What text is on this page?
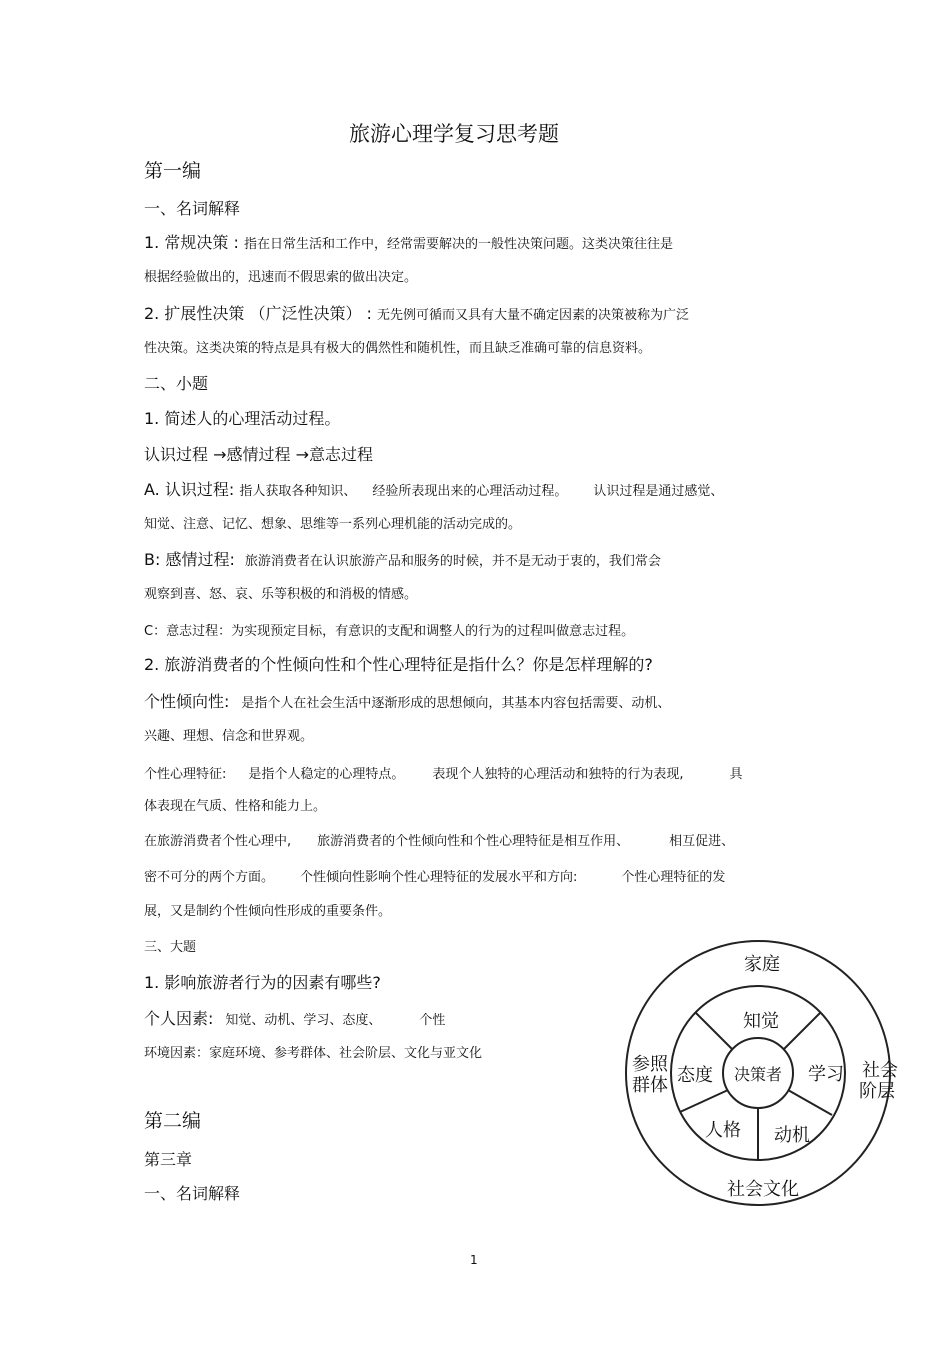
旅游心理学复习思考题
第一编
一、名词解释
1. 常规决策 : 指在日常生活和工作中，经常需要解决的一般性决策问题。这类决策往往是
根据经验做出的，迅速而不假思索的做出决定。
2. 扩展性决策 （广泛性决策） : 无先例可循而又具有大量不确定因素的决策被称为广泛
性决策。这类决策的特点是具有极大的偶然性和随机性，而且缺乏准确可靠的信息资料。
二、小题
1. 简述人的心理活动过程。
认识过程 →感情过程 →意志过程
A. 认识过程: 指人获取各种知识、 经验所表现出来的心理活动过程。 认识过程是通过感觉、
知觉、注意、记忆、想象、思维等一系列心理机能的活动完成的。
B: 感情过程: 旅游消费者在认识旅游产品和服务的时候，并不是无动于衷的，我们常会
观察到喜、怒、哀、乐等积极的和消极的情感。
C：意志过程：为实现预定目标，有意识的支配和调整人的行为的过程叫做意志过程。
2. 旅游消费者的个性倾向性和个性心理特征是指什么？你是怎样理解的?
个性倾向性: 是指个人在社会生活中逐渐形成的思想倾向，其基本内容包括需要、动机、
兴趣、理想、信念和世界观。
个性心理特征: 是指个人稳定的心理特点。 表现个人独特的心理活动和独特的行为表现,	具
体表现在气质、性格和能力上。
在旅游消费者个性心理中, 旅游消费者的个性倾向性和个性心理特征是相互作用、	相互促进、
密不可分的两个方面。 个性倾向性影响个性心理特征的发展水平和方向:	个性心理特征的发
展，又是制约个性倾向性形成的重要条件。
三、大题
1. 影响旅游者行为的因素有哪些?
个人因素: 知觉、动机、学习、态度、	个性
环境因素：家庭环境、参考群体、社会阶层、文化与亚文化
第二编
第三章
一、名词解释
决策者
知觉
学习
动机
人格
态度
家庭
社会
阶层
社会文化
参照
群体
1
